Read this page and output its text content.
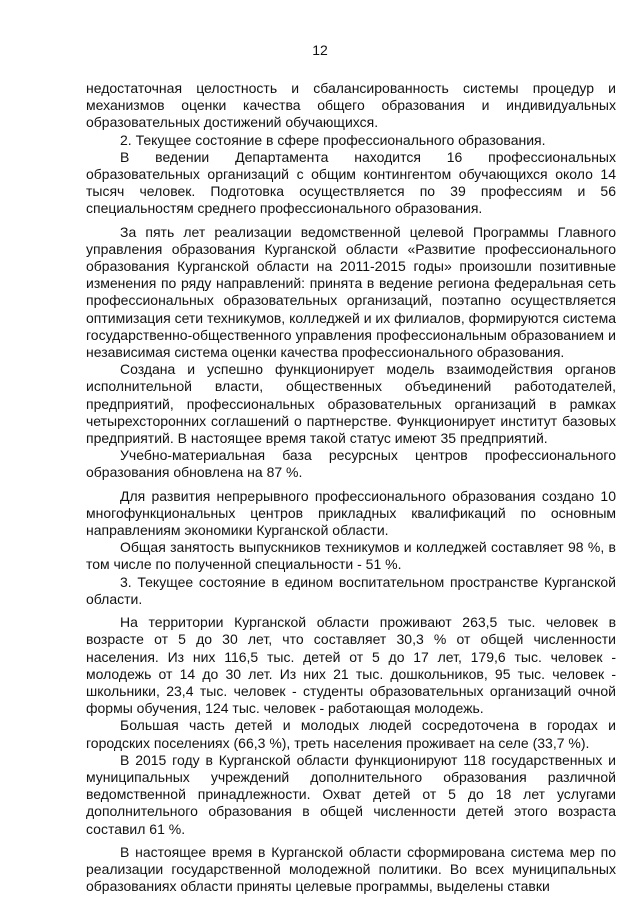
12

недостаточная целостность и сбалансированность системы процедур и механизмов оценки качества общего образования и индивидуальных образовательных достижений обучающихся.

2. Текущее состояние в сфере профессионального образования.

В ведении Департамента находится 16 профессиональных образовательных организаций с общим контингентом обучающихся около 14 тысяч человек. Подготовка осуществляется по 39 профессиям и 56 специальностям среднего профессионального образования.

За пять лет реализации ведомственной целевой Программы Главного управления образования Курганской области «Развитие профессионального образования Курганской области на 2011-2015 годы» произошли позитивные изменения по ряду направлений: принята в ведение региона федеральная сеть профессиональных образовательных организаций, поэтапно осуществляется оптимизация сети техникумов, колледжей и их филиалов, формируются система государственно-общественного управления профессиональным образованием и независимая система оценки качества профессионального образования.

Создана и успешно функционирует модель взаимодействия органов исполнительной власти, общественных объединений работодателей, предприятий, профессиональных образовательных организаций в рамках четырехсторонних соглашений о партнерстве. Функционирует институт базовых предприятий. В настоящее время такой статус имеют 35 предприятий.

Учебно-материальная база ресурсных центров профессионального образования обновлена на 87 %.

Для развития непрерывного профессионального образования создано 10 многофункциональных центров прикладных квалификаций по основным направлениям экономики Курганской области.

Общая занятость выпускников техникумов и колледжей составляет 98 %, в том числе по полученной специальности - 51 %.

3. Текущее состояние в едином воспитательном пространстве Курганской области.

На территории Курганской области проживают 263,5 тыс. человек в возрасте от 5 до 30 лет, что составляет 30,3 % от общей численности населения. Из них 116,5 тыс. детей от 5 до 17 лет, 179,6 тыс. человек - молодежь от 14 до 30 лет. Из них 21 тыс. дошкольников, 95 тыс. человек - школьники, 23,4 тыс. человек - студенты образовательных организаций очной формы обучения, 124 тыс. человек - работающая молодежь.

Большая часть детей и молодых людей сосредоточена в городах и городских поселениях (66,3 %), треть населения проживает на селе (33,7 %).

В 2015 году в Курганской области функционируют 118 государственных и муниципальных учреждений дополнительного образования различной ведомственной принадлежности. Охват детей от 5 до 18 лет услугами дополнительного образования в общей численности детей этого возраста составил 61 %.

В настоящее время в Курганской области сформирована система мер по реализации государственной молодежной политики. Во всех муниципальных образованиях области приняты целевые программы, выделены ставки
